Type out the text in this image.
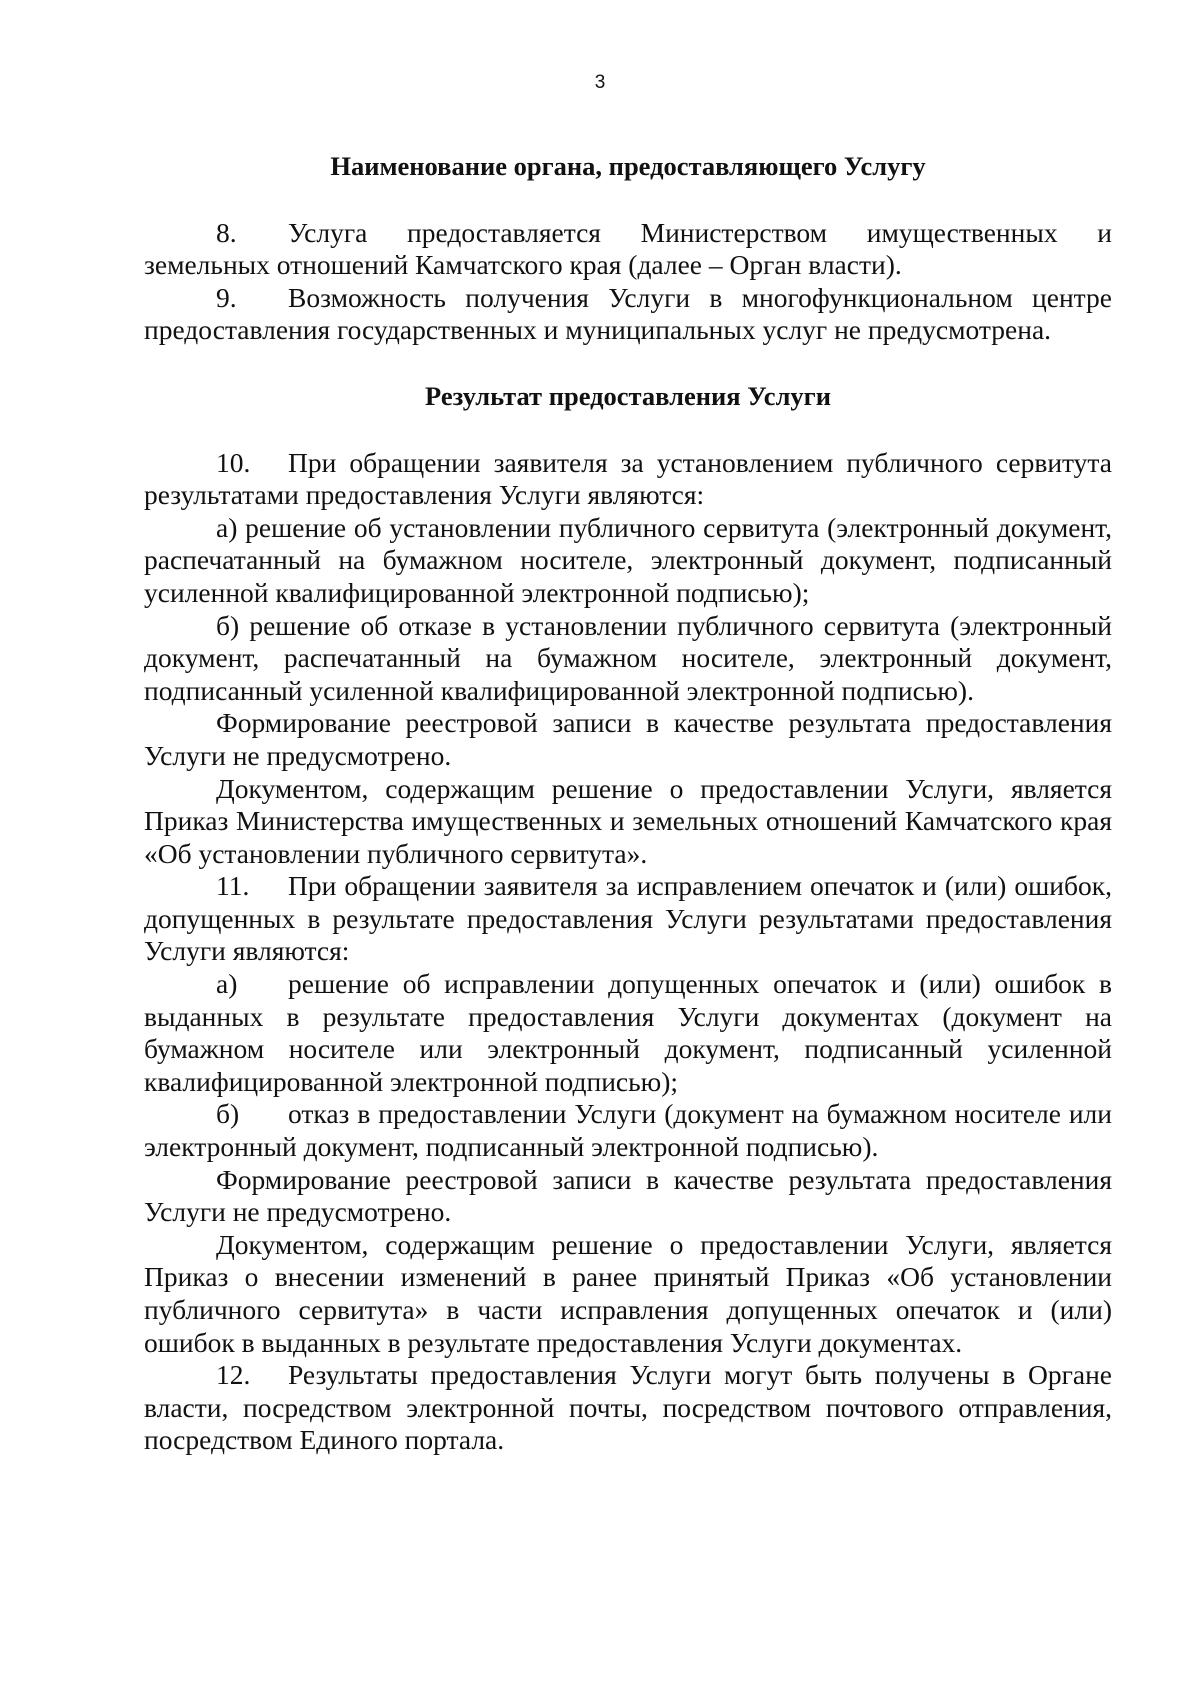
3
Наименование органа, предоставляющего Услугу

8. Услуга предоставляется Министерством имущественных и земельных отношений Камчатского края (далее – Орган власти).

9. Возможность получения Услуги в многофункциональном центре предоставления государственных и муниципальных услуг не предусмотрена.

Результат предоставления Услуги

10. При обращении заявителя за установлением публичного сервитута результатами предоставления Услуги являются:

а) решение об установлении публичного сервитута (электронный документ, распечатанный на бумажном носителе, электронный документ, подписанный усиленной квалифицированной электронной подписью);

б) решение об отказе в установлении публичного сервитута (электронный документ, распечатанный на бумажном носителе, электронный документ, подписанный усиленной квалифицированной электронной подписью).

Формирование реестровой записи в качестве результата предоставления Услуги не предусмотрено.

Документом, содержащим решение о предоставлении Услуги, является Приказ Министерства имущественных и земельных отношений Камчатского края «Об установлении публичного сервитута».

11. При обращении заявителя за исправлением опечаток и (или) ошибок, допущенных в результате предоставления Услуги результатами предоставления Услуги являются:

а) решение об исправлении допущенных опечаток и (или) ошибок в выданных в результате предоставления Услуги документах (документ на бумажном носителе или электронный документ, подписанный усиленной квалифицированной электронной подписью);

б) отказ в предоставлении Услуги (документ на бумажном носителе или электронный документ, подписанный электронной подписью).

Формирование реестровой записи в качестве результата предоставления Услуги не предусмотрено.

Документом, содержащим решение о предоставлении Услуги, является Приказ о внесении изменений в ранее принятый Приказ «Об установлении публичного сервитута» в части исправления допущенных опечаток и (или) ошибок в выданных в результате предоставления Услуги документах.

12. Результаты предоставления Услуги могут быть получены в Органе власти, посредством электронной почты, посредством почтового отправления, посредством Единого портала.
